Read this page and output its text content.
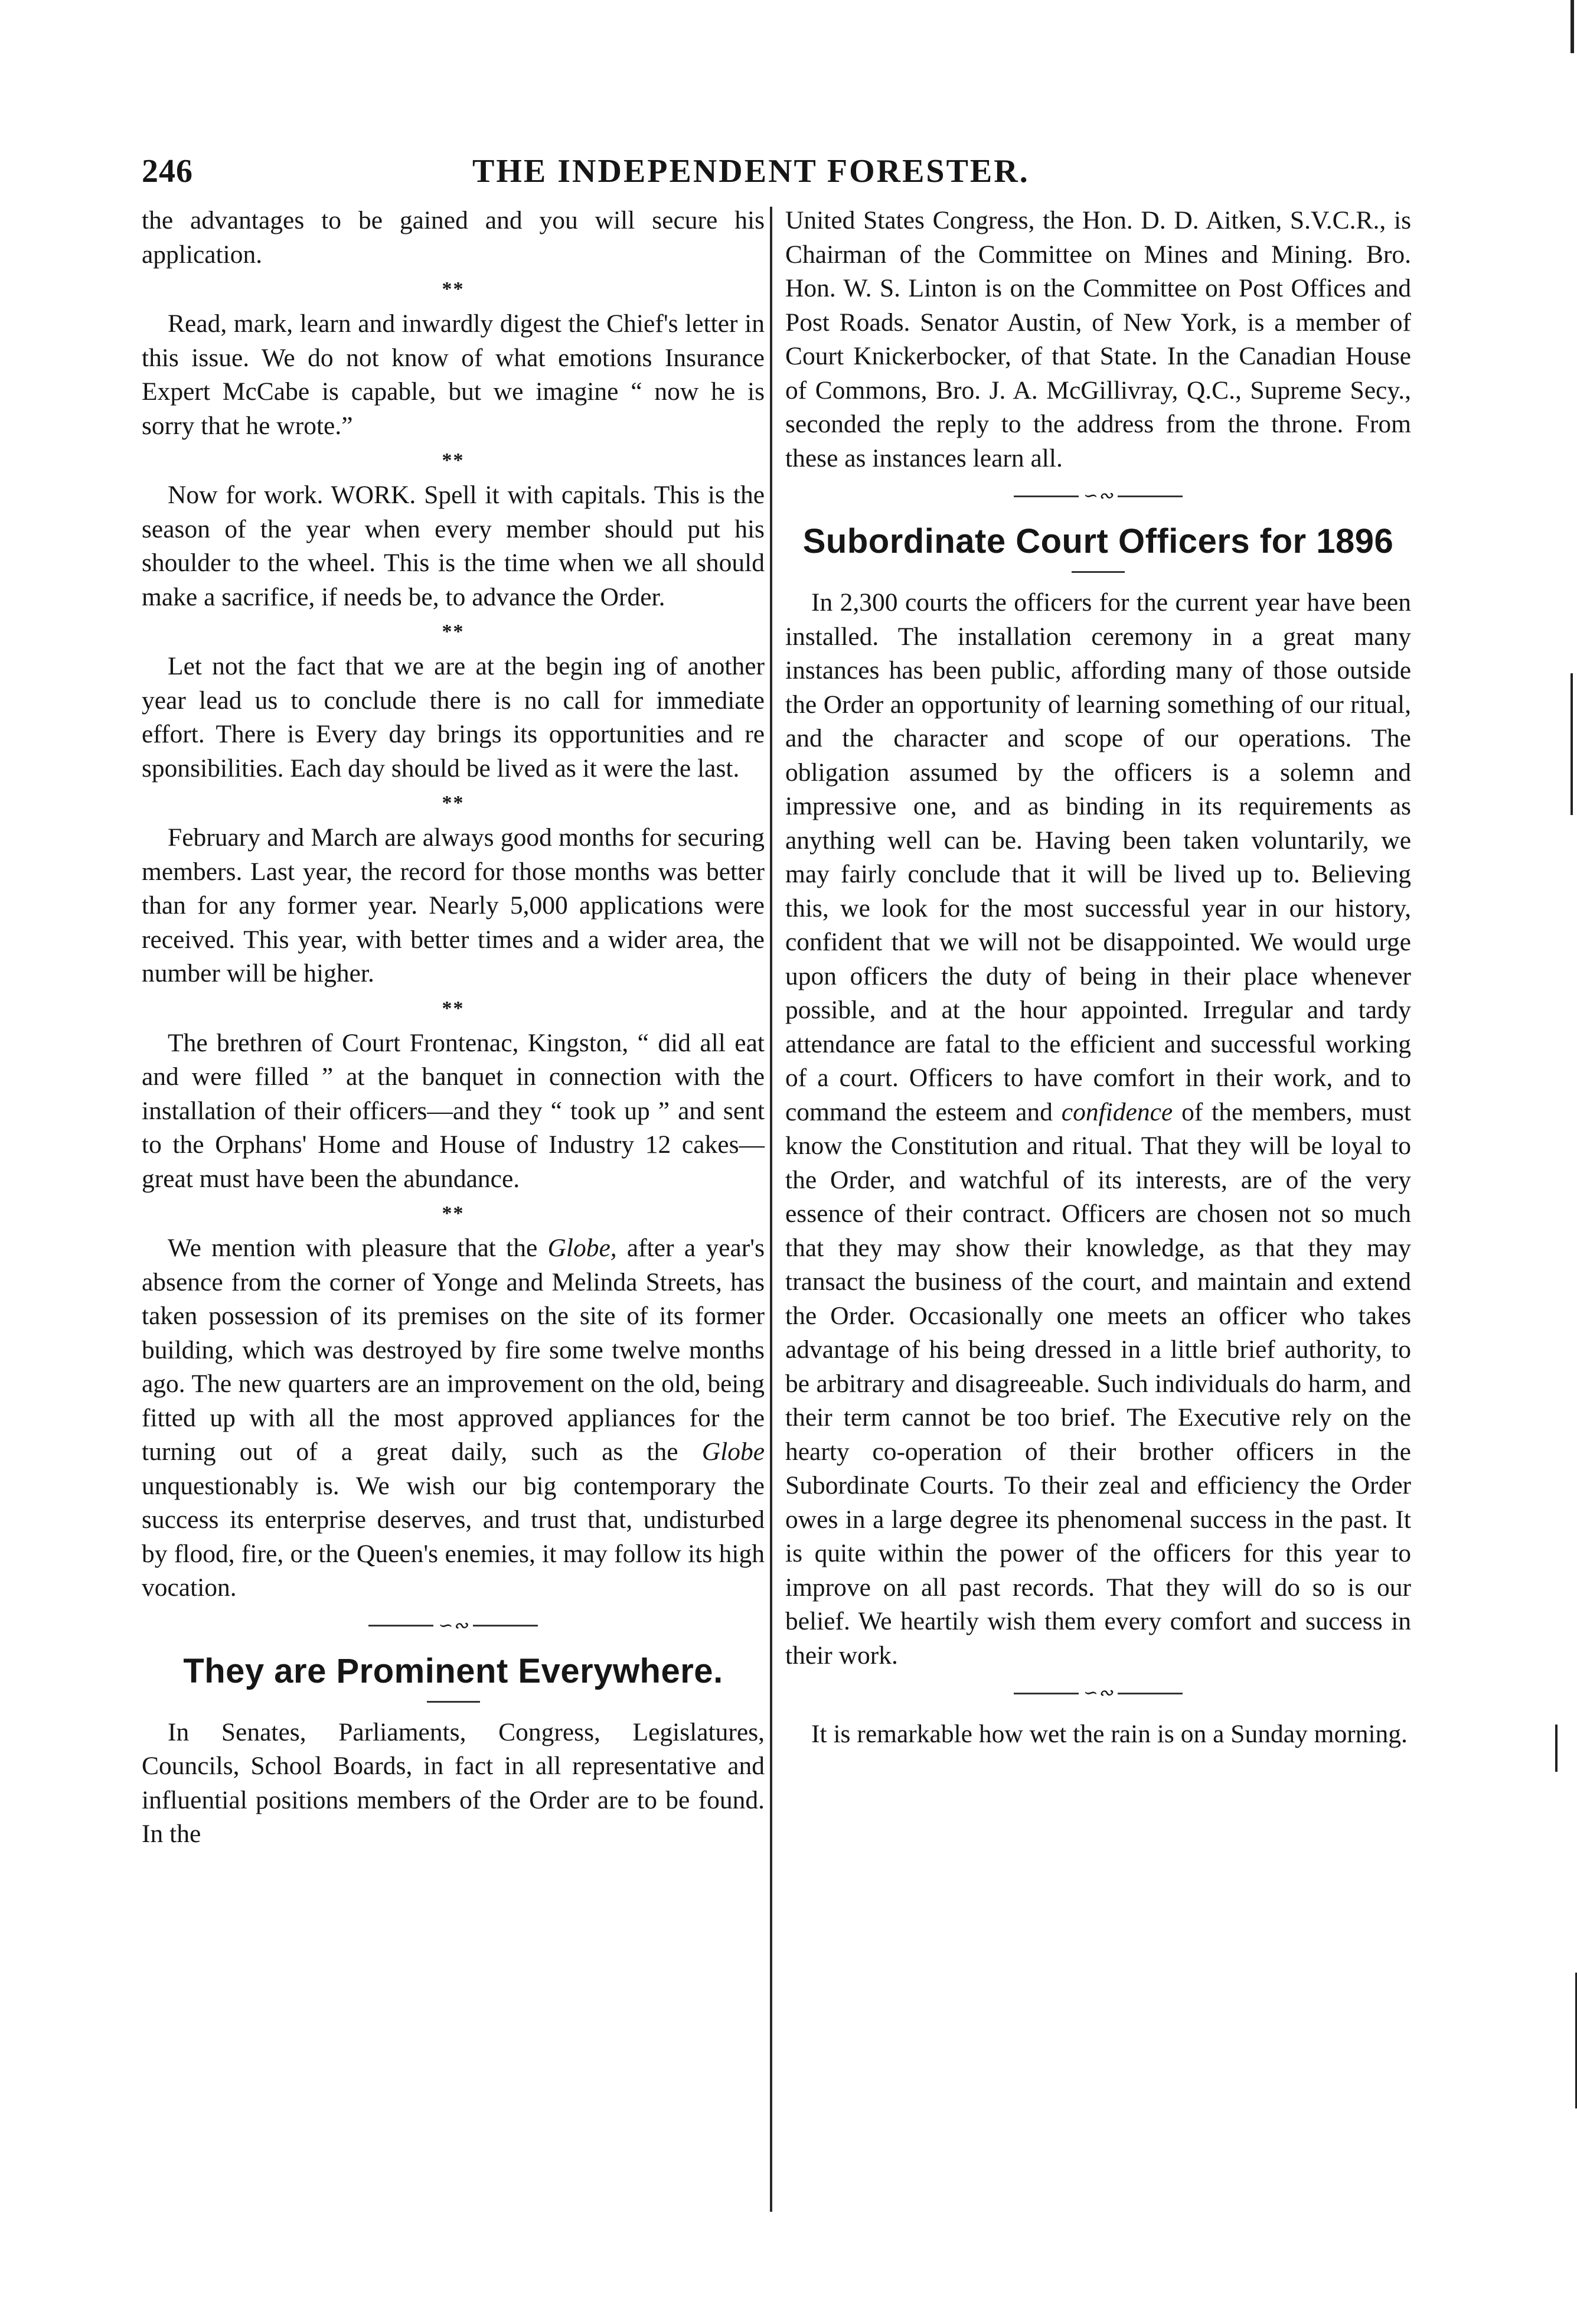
246	THE INDEPENDENT FORESTER.

the advantages to be gained and you will secure his application.

**

Read, mark, learn and inwardly digest the Chief's letter in this issue. We do not know of what emotions Insurance Expert McCabe is capable, but we imagine “ now he is sorry that he wrote.”

**

Now for work. WORK. Spell it with capitals. This is the season of the year when every member should put his shoulder to the wheel. This is the time when we all should make a sacrifice, if needs be, to advance the Order.

**

Let not the fact that we are at the begin ing of another year lead us to conclude there is no call for immediate effort. There is Every day brings its opportunities and re sponsibilities. Each day should be lived as it were the last.

**

February and March are always good months for securing members. Last year, the record for those months was better than for any former year. Nearly 5,000 applications were received. This year, with better times and a wider area, the number will be higher.

**

The brethren of Court Frontenac, Kingston, “ did all eat and were filled ” at the banquet in connection with the installation of their officers—and they “ took up ” and sent to the Orphans' Home and House of Industry 12 cakes—great must have been the abundance.

**

We mention with pleasure that the Globe, after a year's absence from the corner of Yonge and Melinda Streets, has taken possession of its premises on the site of its former building, which was destroyed by fire some twelve months ago. The new quarters are an improvement on the old, being fitted up with all the most approved appliances for the turning out of a great daily, such as the Globe unquestionably is. We wish our big contemporary the success its enterprise deserves, and trust that, undisturbed by flood, fire, or the Queen's enemies, it may follow its high vocation.

∽∾
They are Prominent Everywhere.

In Senates, Parliaments, Congress, Legislatures, Councils, School Boards, in fact in all representative and influential positions members of the Order are to be found. In the

United States Congress, the Hon. D. D. Aitken, S.V.C.R., is Chairman of the Committee on Mines and Mining. Bro. Hon. W. S. Linton is on the Committee on Post Offices and Post Roads. Senator Austin, of New York, is a member of Court Knickerbocker, of that State. In the Canadian House of Commons, Bro. J. A. McGillivray, Q.C., Supreme Secy., seconded the reply to the address from the throne. From these as instances learn all.

∽∾
Subordinate Court Officers for 1896

In 2,300 courts the officers for the current year have been installed. The installation ceremony in a great many instances has been public, affording many of those outside the Order an opportunity of learning something of our ritual, and the character and scope of our operations. The obligation assumed by the officers is a solemn and impressive one, and as binding in its requirements as anything well can be. Having been taken voluntarily, we may fairly conclude that it will be lived up to. Believing this, we look for the most successful year in our history, confident that we will not be disappointed. We would urge upon officers the duty of being in their place whenever possible, and at the hour appointed. Irregular and tardy attendance are fatal to the efficient and successful working of a court. Officers to have comfort in their work, and to command the esteem and confidence of the members, must know the Constitution and ritual. That they will be loyal to the Order, and watchful of its interests, are of the very essence of their contract. Officers are chosen not so much that they may show their knowledge, as that they may transact the business of the court, and maintain and extend the Order. Occasionally one meets an officer who takes advantage of his being dressed in a little brief authority, to be arbitrary and disagreeable. Such individuals do harm, and their term cannot be too brief. The Executive rely on the hearty co-operation of their brother officers in the Subordinate Courts. To their zeal and efficiency the Order owes in a large degree its phenomenal success in the past. It is quite within the power of the officers for this year to improve on all past records. That they will do so is our belief. We heartily wish them every comfort and success in their work.

∽∾

It is remarkable how wet the rain is on a Sunday morning.
